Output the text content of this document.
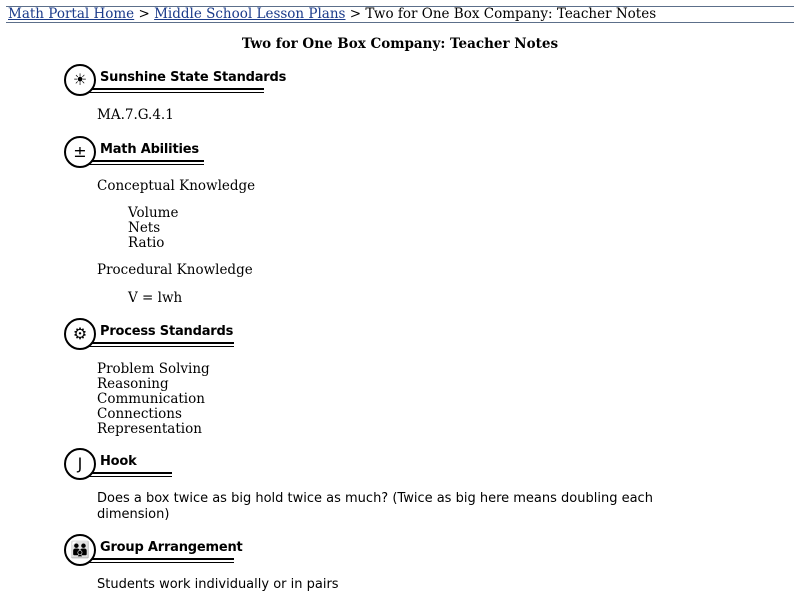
Math Portal Home > Middle School Lesson Plans > Two for One Box Company: Teacher Notes
Two for One Box Company: Teacher Notes
☀ Sunshine State Standards
MA.7.G.4.1
±	Math Abilities
Conceptual Knowledge
Volume
Nets
Ratio
Procedural Knowledge
V = lwh
⚙ Process Standards
Problem Solving
Reasoning
Communication
Connections
Representation
J	Hook
Does a box twice as big hold twice as much? (Twice as big here means doubling each dimension)
👪 Group Arrangement
Students work individually or in pairs
